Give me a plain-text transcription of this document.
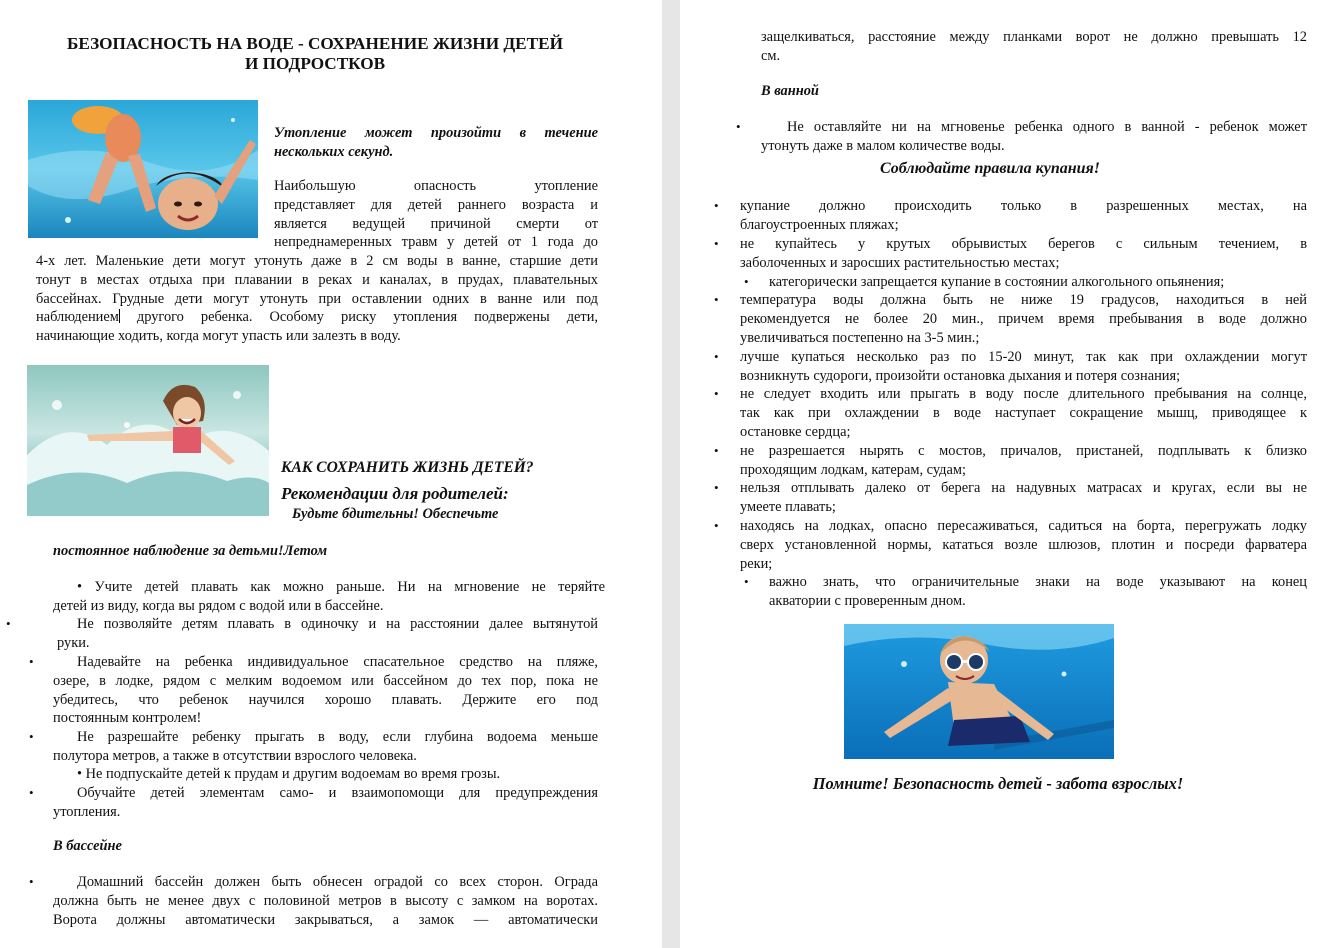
БЕЗОПАСНОСТЬ НА ВОДЕ - СОХРАНЕНИЕ ЖИЗНИ ДЕТЕЙ
И ПОДРОСТКОВ
Утопление может произойти в течение
нескольких секунд.
Наибольшую опасность утопление
представляет для детей раннего возраста и
является ведущей причиной смерти от
непреднамеренных травм у детей от 1 года до
4-х лет. Маленькие дети могут утонуть даже в 2 см воды в ванне, старшие дети
тонут в местах отдыха при плавании в реках и каналах, в прудах, плавательных
бассейнах. Грудные дети могут утонуть при оставлении одних в ванне или под
наблюдением другого ребенка. Особому риску утопления подвержены дети,
начинающие ходить, когда могут упасть или залезть в воду.
КАК СОХРАНИТЬ ЖИЗНЬ ДЕТЕЙ?
Рекомендации для родителей:
Будьте бдительны! Обеспечьте
постоянное наблюдение за детьми!Летом
• Учите детей плавать как можно раньше. Ни на мгновение не теряйте
детей из виду, когда вы рядом с водой или в бассейне.
•	Не позволяйте детям плавать в одиночку и на расстоянии далее вытянутой
руки.
•	Надевайте на ребенка индивидуальное спасательное средство на пляже,
озере, в лодке, рядом с мелким водоемом или бассейном до тех пор, пока не
убедитесь, что ребенок научился хорошо плавать. Держите его под
постоянным контролем!
•	Не разрешайте ребенку прыгать в воду, если глубина водоема меньше
полутора метров, а также в отсутствии взрослого человека.
• Не подпускайте детей к прудам и другим водоемам во время грозы.
•	Обучайте детей элементам само- и взаимопомощи для предупреждения
утопления.
В бассейне
•	Домашний бассейн должен быть обнесен оградой со всех сторон. Ограда
должна быть не менее двух с половиной метров в высоту с замком на воротах.
Ворота должны автоматически закрываться, а замок — автоматически
защелкиваться, расстояние между планками ворот не должно превышать 12
см.
В ванной
•	Не оставляйте ни на мгновенье ребенка одного в ванной - ребенок может
утонуть даже в малом количестве воды.
Соблюдайте правила купания!
• купание должно происходить только в разрешенных местах, на
благоустроенных пляжах;
• не купайтесь у крутых обрывистых берегов с сильным течением, в
заболоченных и заросших растительностью местах;
• категорически запрещается купание в состоянии алкогольного опьянения;
• температура воды должна быть не ниже 19 градусов, находиться в ней
рекомендуется не более 20 мин., причем время пребывания в воде должно
увеличиваться постепенно на 3-5 мин.;
• лучше купаться несколько раз по 15-20 минут, так как при охлаждении могут
возникнуть судороги, произойти остановка дыхания и потеря сознания;
• не следует входить или прыгать в воду после длительного пребывания на солнце,
так как при охлаждении в воде наступает сокращение мышц, приводящее к
остановке сердца;
• не разрешается нырять с мостов, причалов, пристаней, подплывать к близко
проходящим лодкам, катерам, судам;
• нельзя отплывать далеко от берега на надувных матрасах и кругах, если вы не
умеете плавать;
• находясь на лодках, опасно пересаживаться, садиться на борта, перегружать лодку
сверх установленной нормы, кататься возле шлюзов, плотин и посреди фарватера
реки;
• важно знать, что ограничительные знаки на воде указывают на конец
акватории с проверенным дном.
Помните! Безопасность детей - забота взрослых!
